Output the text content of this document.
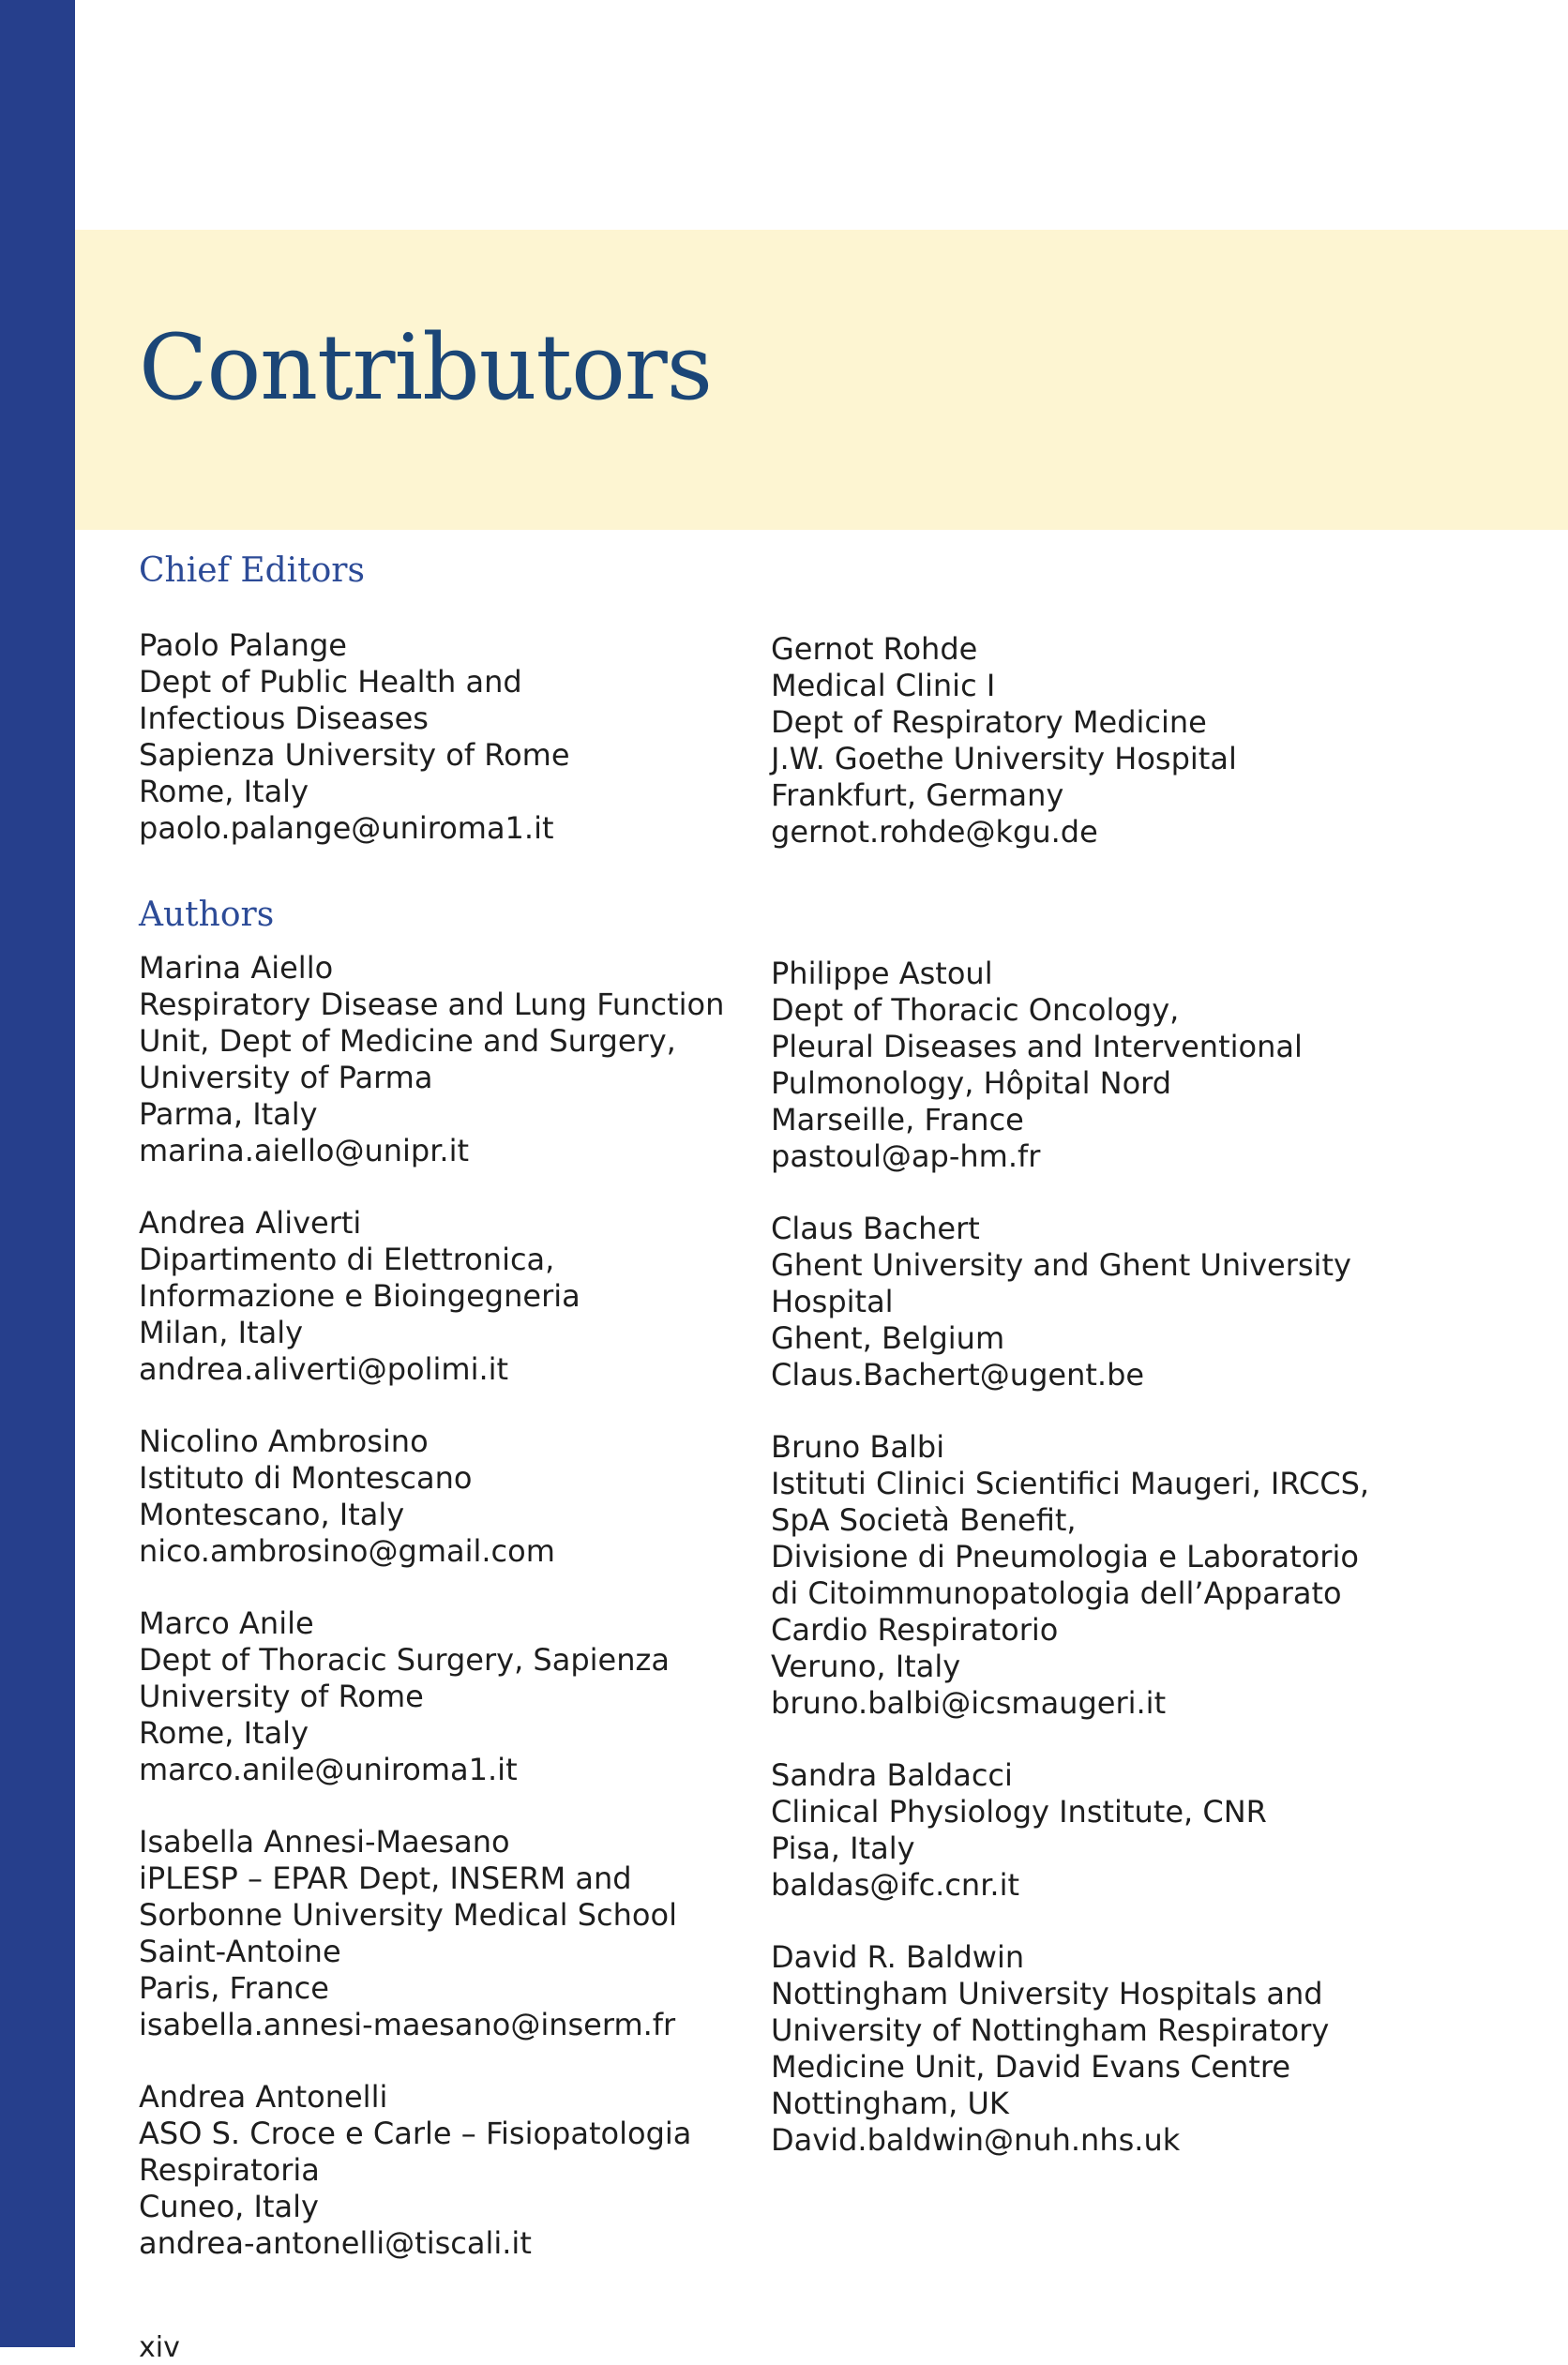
Contributors
Chief Editors
Paolo Palange
Dept of Public Health and
Infectious Diseases
Sapienza University of Rome
Rome, Italy
paolo.palange@uniroma1.it
Gernot Rohde
Medical Clinic I
Dept of Respiratory Medicine
J.W. Goethe University Hospital
Frankfurt, Germany
gernot.rohde@kgu.de
Authors
Marina Aiello
Respiratory Disease and Lung Function
Unit, Dept of Medicine and Surgery,
University of Parma
Parma, Italy
marina.aiello@unipr.it
Andrea Aliverti
Dipartimento di Elettronica,
Informazione e Bioingegneria
Milan, Italy
andrea.aliverti@polimi.it
Nicolino Ambrosino
Istituto di Montescano
Montescano, Italy
nico.ambrosino@gmail.com
Marco Anile
Dept of Thoracic Surgery, Sapienza
University of Rome
Rome, Italy
marco.anile@uniroma1.it
Isabella Annesi-Maesano
iPLESP – EPAR Dept, INSERM and
Sorbonne University Medical School
Saint-Antoine
Paris, France
isabella.annesi-maesano@inserm.fr
Andrea Antonelli
ASO S. Croce e Carle – Fisiopatologia
Respiratoria
Cuneo, Italy
andrea-antonelli@tiscali.it
Philippe Astoul
Dept of Thoracic Oncology,
Pleural Diseases and Interventional
Pulmonology, Hôpital Nord
Marseille, France
pastoul@ap-hm.fr
Claus Bachert
Ghent University and Ghent University
Hospital
Ghent, Belgium
Claus.Bachert@ugent.be
Bruno Balbi
Istituti Clinici Scientifici Maugeri, IRCCS,
SpA Società Benefit,
Divisione di Pneumologia e Laboratorio
di Citoimmunopatologia dell’Apparato
Cardio Respiratorio
Veruno, Italy
bruno.balbi@icsmaugeri.it
Sandra Baldacci
Clinical Physiology Institute, CNR
Pisa, Italy
baldas@ifc.cnr.it
David R. Baldwin
Nottingham University Hospitals and
University of Nottingham Respiratory
Medicine Unit, David Evans Centre
Nottingham, UK
David.baldwin@nuh.nhs.uk
xiv
